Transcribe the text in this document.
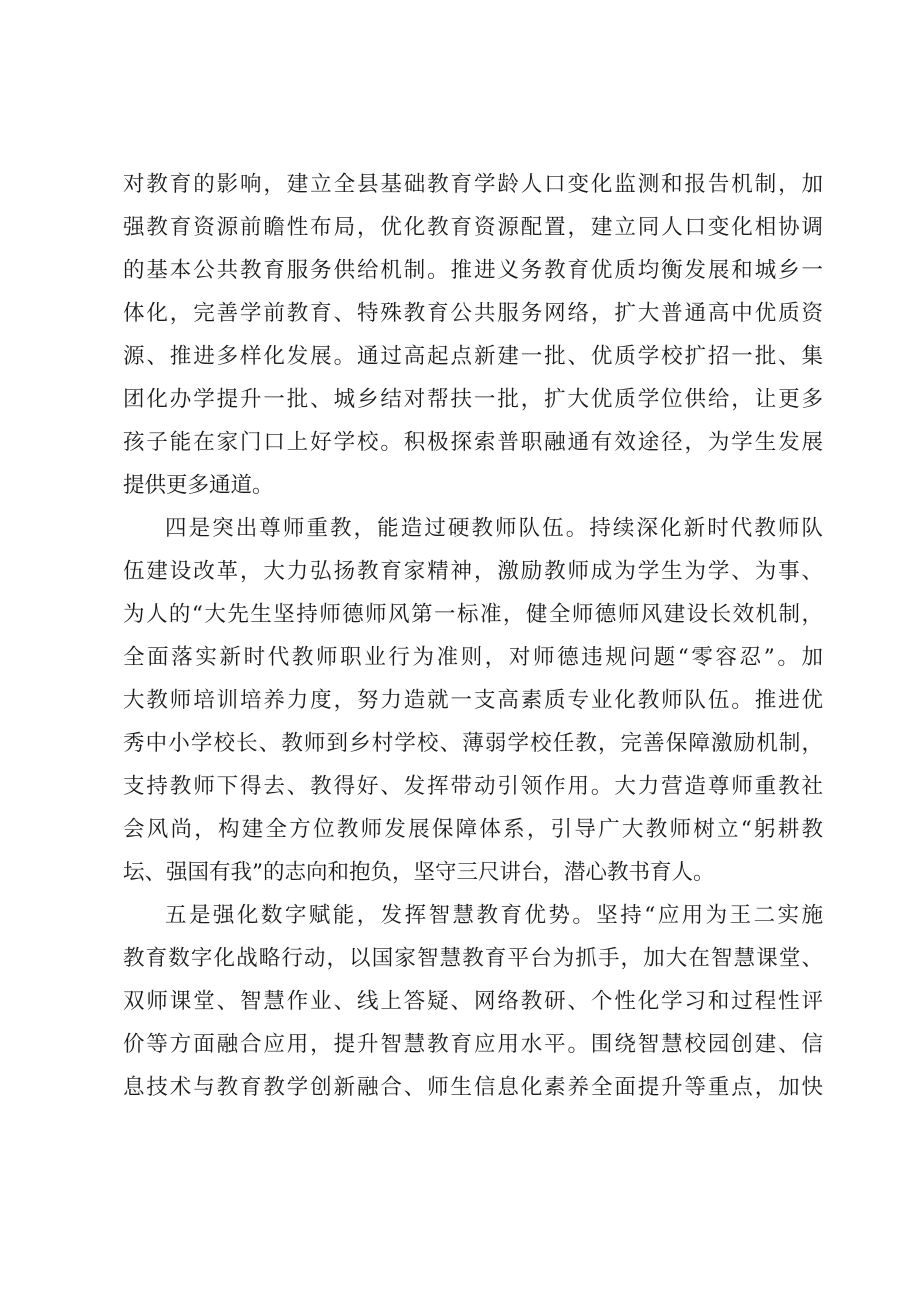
对教育的影响，建立全县基础教育学龄人口变化监测和报告机制，加
强教育资源前瞻性布局，优化教育资源配置，建立同人口变化相协调
的基本公共教育服务供给机制。推进义务教育优质均衡发展和城乡一
体化，完善学前教育、特殊教育公共服务网络，扩大普通高中优质资
源、推进多样化发展。通过高起点新建一批、优质学校扩招一批、集
团化办学提升一批、城乡结对帮扶一批，扩大优质学位供给，让更多
孩子能在家门口上好学校。积极探索普职融通有效途径，为学生发展
提供更多通道。
四是突出尊师重教，能造过硬教师队伍。持续深化新时代教师队
伍建设改革，大力弘扬教育家精神，激励教师成为学生为学、为事、
为人的“大先生坚持师德师风第一标准，健全师德师风建设长效机制，
全面落实新时代教师职业行为准则，对师德违规问题“零容忍”。加
大教师培训培养力度，努力造就一支高素质专业化教师队伍。推进优
秀中小学校长、教师到乡村学校、薄弱学校任教，完善保障激励机制，
支持教师下得去、教得好、发挥带动引领作用。大力营造尊师重教社
会风尚，构建全方位教师发展保障体系，引导广大教师树立“躬耕教
坛、强国有我”的志向和抱负，坚守三尺讲台，潜心教书育人。
五是强化数字赋能，发挥智慧教育优势。坚持“应用为王二实施
教育数字化战略行动，以国家智慧教育平台为抓手，加大在智慧课堂、
双师课堂、智慧作业、线上答疑、网络教研、个性化学习和过程性评
价等方面融合应用，提升智慧教育应用水平。围绕智慧校园创建、信
息技术与教育教学创新融合、师生信息化素养全面提升等重点，加快
